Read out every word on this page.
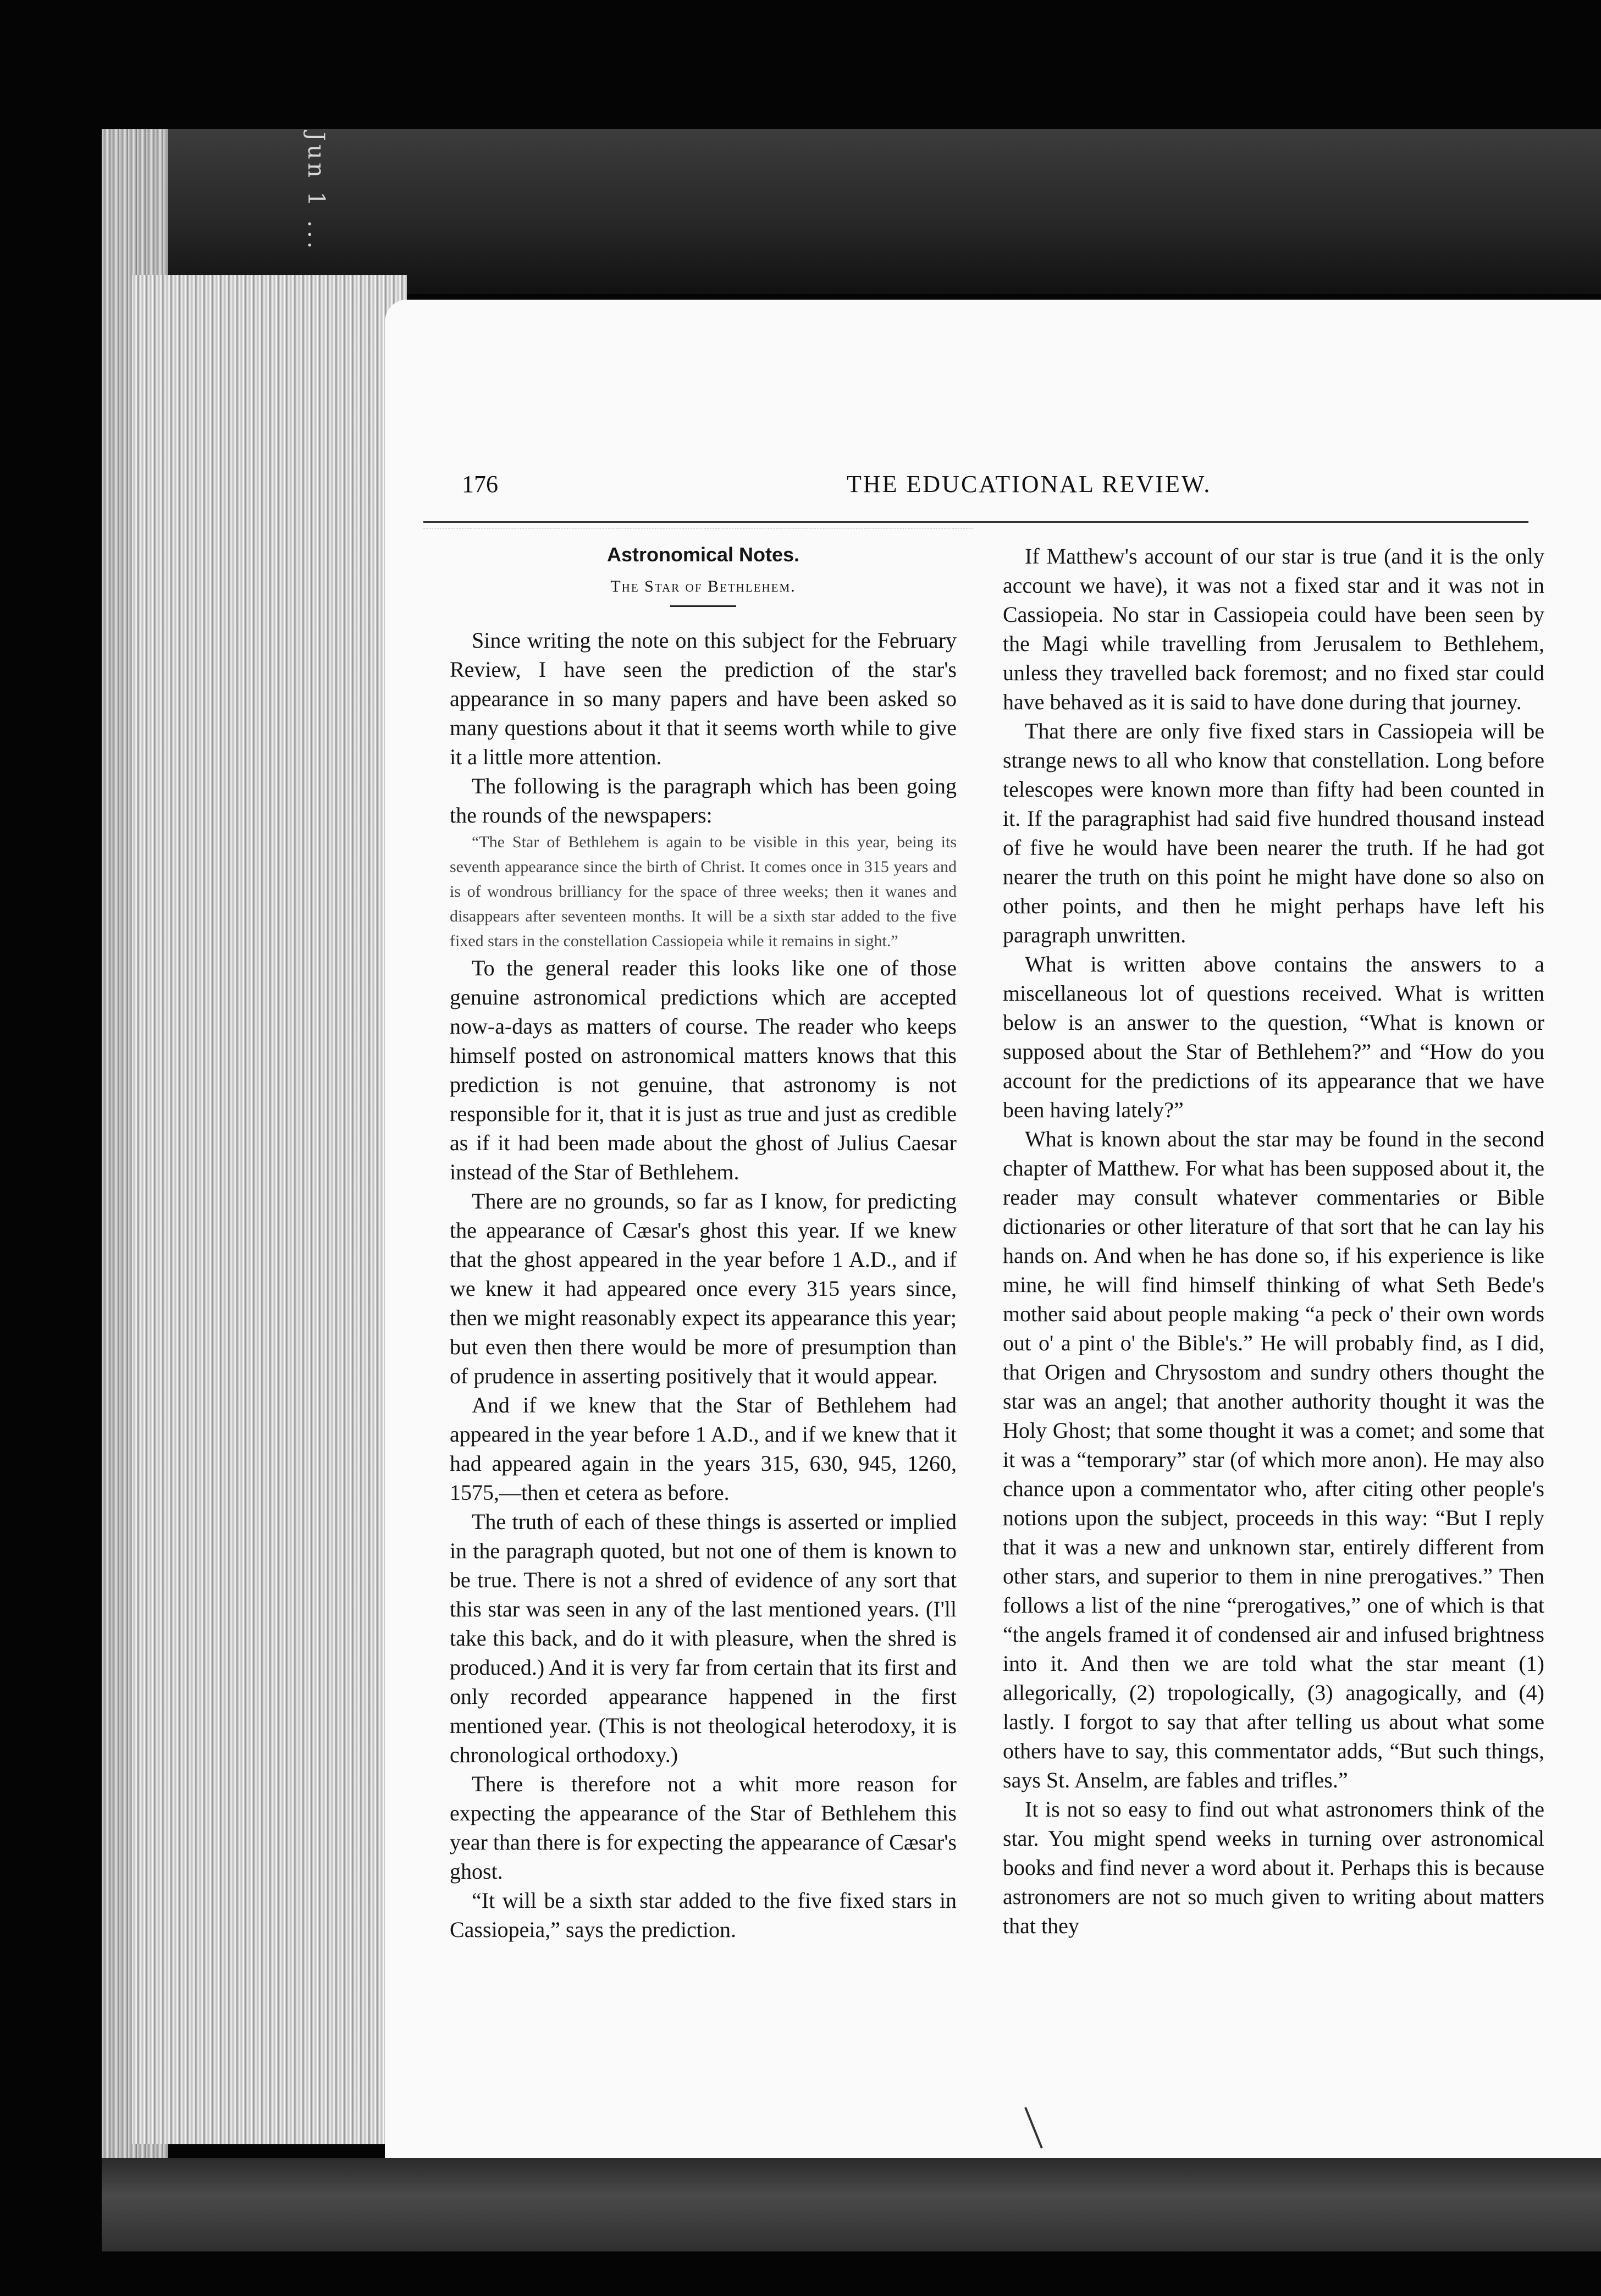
Jun 1 ...
176	THE EDUCATIONAL REVIEW.
Astronomical Notes.
The Star of Bethlehem.

Since writing the note on this subject for the February Review, I have seen the prediction of the star's appearance in so many papers and have been asked so many questions about it that it seems worth while to give it a little more attention.

The following is the paragraph which has been going the rounds of the newspapers:

“The Star of Bethlehem is again to be visible in this year, being its seventh appearance since the birth of Christ. It comes once in 315 years and is of wondrous brilliancy for the space of three weeks; then it wanes and disappears after seventeen months. It will be a sixth star added to the five fixed stars in the constellation Cassiopeia while it remains in sight.”

To the general reader this looks like one of those genuine astronomical predictions which are accepted now-a-days as matters of course. The reader who keeps himself posted on astronomical matters knows that this prediction is not genuine, that astronomy is not responsible for it, that it is just as true and just as credible as if it had been made about the ghost of Julius Caesar instead of the Star of Bethlehem.

There are no grounds, so far as I know, for predicting the appearance of Cæsar's ghost this year. If we knew that the ghost appeared in the year before 1 A.D., and if we knew it had appeared once every 315 years since, then we might reasonably expect its appearance this year; but even then there would be more of presumption than of prudence in asserting positively that it would appear.

And if we knew that the Star of Bethlehem had appeared in the year before 1 A.D., and if we knew that it had appeared again in the years 315, 630, 945, 1260, 1575,—then et cetera as before.

The truth of each of these things is asserted or implied in the paragraph quoted, but not one of them is known to be true. There is not a shred of evidence of any sort that this star was seen in any of the last mentioned years. (I'll take this back, and do it with pleasure, when the shred is produced.) And it is very far from certain that its first and only recorded appearance happened in the first mentioned year. (This is not theological heterodoxy, it is chronological orthodoxy.)

There is therefore not a whit more reason for expecting the appearance of the Star of Bethlehem this year than there is for expecting the appearance of Cæsar's ghost.

“It will be a sixth star added to the five fixed stars in Cassiopeia,” says the prediction.

If Matthew's account of our star is true (and it is the only account we have), it was not a fixed star and it was not in Cassiopeia. No star in Cassiopeia could have been seen by the Magi while travelling from Jerusalem to Bethlehem, unless they travelled back foremost; and no fixed star could have behaved as it is said to have done during that journey.

That there are only five fixed stars in Cassiopeia will be strange news to all who know that constellation. Long before telescopes were known more than fifty had been counted in it. If the paragraphist had said five hundred thousand instead of five he would have been nearer the truth. If he had got nearer the truth on this point he might have done so also on other points, and then he might perhaps have left his paragraph unwritten.

What is written above contains the answers to a miscellaneous lot of questions received. What is written below is an answer to the question, “What is known or supposed about the Star of Bethlehem?” and “How do you account for the predictions of its appearance that we have been having lately?”

What is known about the star may be found in the second chapter of Matthew. For what has been supposed about it, the reader may consult whatever commentaries or Bible dictionaries or other literature of that sort that he can lay his hands on. And when he has done so, if his experience is like mine, he will find himself thinking of what Seth Bede's mother said about people making “a peck o' their own words out o' a pint o' the Bible's.” He will probably find, as I did, that Origen and Chrysostom and sundry others thought the star was an angel; that another authority thought it was the Holy Ghost; that some thought it was a comet; and some that it was a “temporary” star (of which more anon). He may also chance upon a commentator who, after citing other people's notions upon the subject, proceeds in this way: “But I reply that it was a new and unknown star, entirely different from other stars, and superior to them in nine prerogatives.” Then follows a list of the nine “prerogatives,” one of which is that “the angels framed it of condensed air and infused brightness into it. And then we are told what the star meant (1) allegorically, (2) tropologically, (3) anagogically, and (4) lastly. I forgot to say that after telling us about what some others have to say, this commentator adds, “But such things, says St. Anselm, are fables and trifles.”

It is not so easy to find out what astronomers think of the star. You might spend weeks in turning over astronomical books and find never a word about it. Perhaps this is because astronomers are not so much given to writing about matters that they
